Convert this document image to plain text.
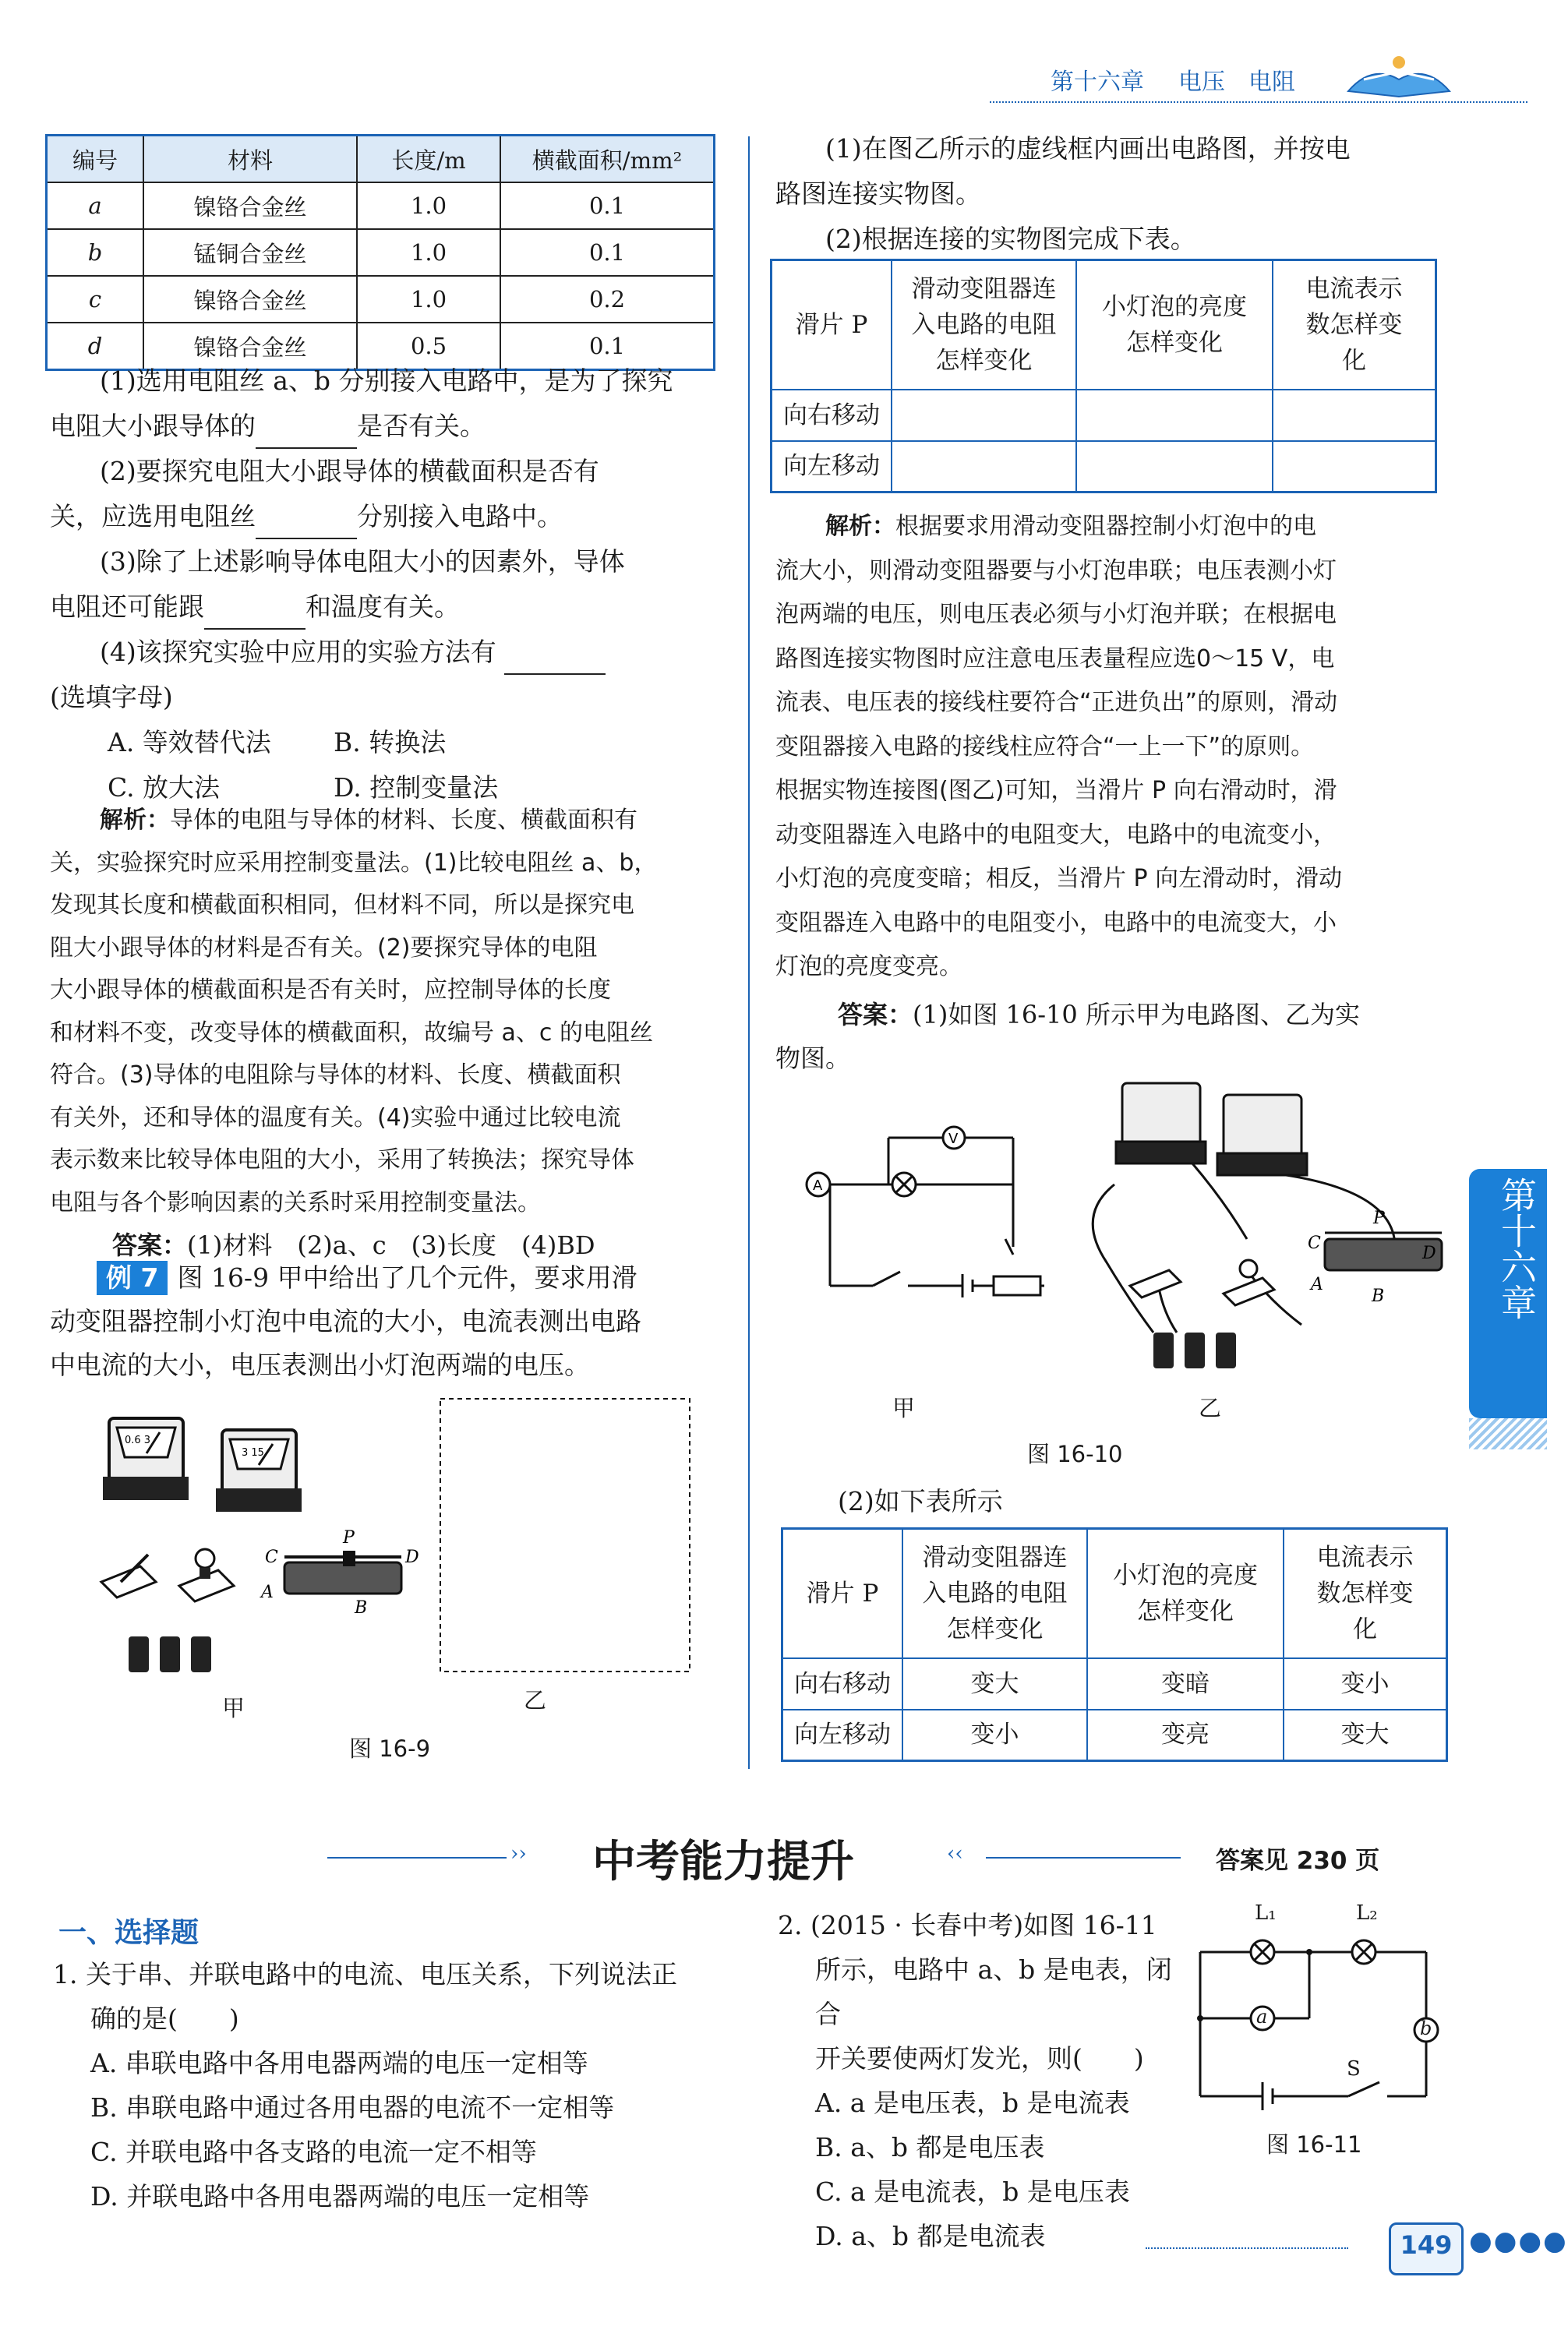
第十六章 电压 电阻
第十六章
编号	材料	长度/m	横截面积/mm²
a	镍铬合金丝	1.0	0.1
b	锰铜合金丝	1.0	0.1
c	镍铬合金丝	1.0	0.2
d	镍铬合金丝	0.5	0.1
(1)选用电阻丝 a、b 分别接入电路中，是为了探究
电阻大小跟导体的	是否有关。
(2)要探究电阻大小跟导体的横截面积是否有
关，应选用电阻丝	分别接入电路中。
(3)除了上述影响导体电阻大小的因素外，导体
电阻还可能跟	和温度有关。
(4)该探究实验中应用的实验方法有
(选填字母)
A. 等效替代法 B. 转换法
C. 放大法	D. 控制变量法
解析：导体的电阻与导体的材料、长度、横截面积有
关，实验探究时应采用控制变量法。(1)比较电阻丝 a、b，
发现其长度和横截面积相同，但材料不同，所以是探究电
阻大小跟导体的材料是否有关。(2)要探究导体的电阻
大小跟导体的横截面积是否有关时，应控制导体的长度
和材料不变，改变导体的横截面积，故编号 a、c 的电阻丝
符合。(3)导体的电阻除与导体的材料、长度、横截面积
有关外，还和导体的温度有关。(4)实验中通过比较电流
表示数来比较导体电阻的大小，采用了转换法；探究导体
电阻与各个影响因素的关系时采用控制变量法。
答案：(1)材料　(2)a、c　(3)长度　(4)BD
例 7 图 16-9 甲中给出了几个元件，要求用滑
动变阻器控制小灯泡中电流的大小，电流表测出电路
中电流的大小，电压表测出小灯泡两端的电压。
0.6 3
3 15
P
C	D
A
B
甲	乙
图 16-9
(1)在图乙所示的虚线框内画出电路图，并按电
路图连接实物图。
(2)根据连接的实物图完成下表。
滑片 P	滑动变阻器连入电路的电阻怎样变化	小灯泡的亮度怎样变化	电流表示数怎样变化
向右移动			
向左移动			
解析：根据要求用滑动变阻器控制小灯泡中的电
流大小，则滑动变阻器要与小灯泡串联；电压表测小灯
泡两端的电压，则电压表必须与小灯泡并联；在根据电
路图连接实物图时应注意电压表量程应选0～15 V，电
流表、电压表的接线柱要符合“正进负出”的原则，滑动
变阻器接入电路的接线柱应符合“一上一下”的原则。
根据实物连接图(图乙)可知，当滑片 P 向右滑动时，滑
动变阻器连入电路中的电阻变大，电路中的电流变小，
小灯泡的亮度变暗；相反，当滑片 P 向左滑动时，滑动
变阻器连入电路中的电阻变小，电路中的电流变大，小
灯泡的亮度变亮。
答案：(1)如图 16-10 所示甲为电路图、乙为实
物图。
A
V
C
P
D
A
B
甲	乙
图 16-10
(2)如下表所示
滑片 P	滑动变阻器连入电路的电阻怎样变化	小灯泡的亮度怎样变化	电流表示数怎样变化
向右移动	变大	变暗	变小
向左移动	变小	变亮	变大
›› 中考能力提升	‹‹	答案见 230 页
一、选择题
1. 关于串、并联电路中的电流、电压关系，下列说法正
确的是(　　)
A. 串联电路中各用电器两端的电压一定相等
B. 串联电路中通过各用电器的电流不一定相等
C. 并联电路中各支路的电流一定不相等
D. 并联电路中各用电器两端的电压一定相等
2. (2015 · 长春中考)如图 16-11
所示，电路中 a、b 是电表，闭合
开关要使两灯发光，则(　　)
A. a 是电压表，b 是电流表
B. a、b 都是电压表
C. a 是电流表，b 是电压表
D. a、b 都是电流表
L₁	L₂
a
b
S
图 16-11
149 ●●●●
